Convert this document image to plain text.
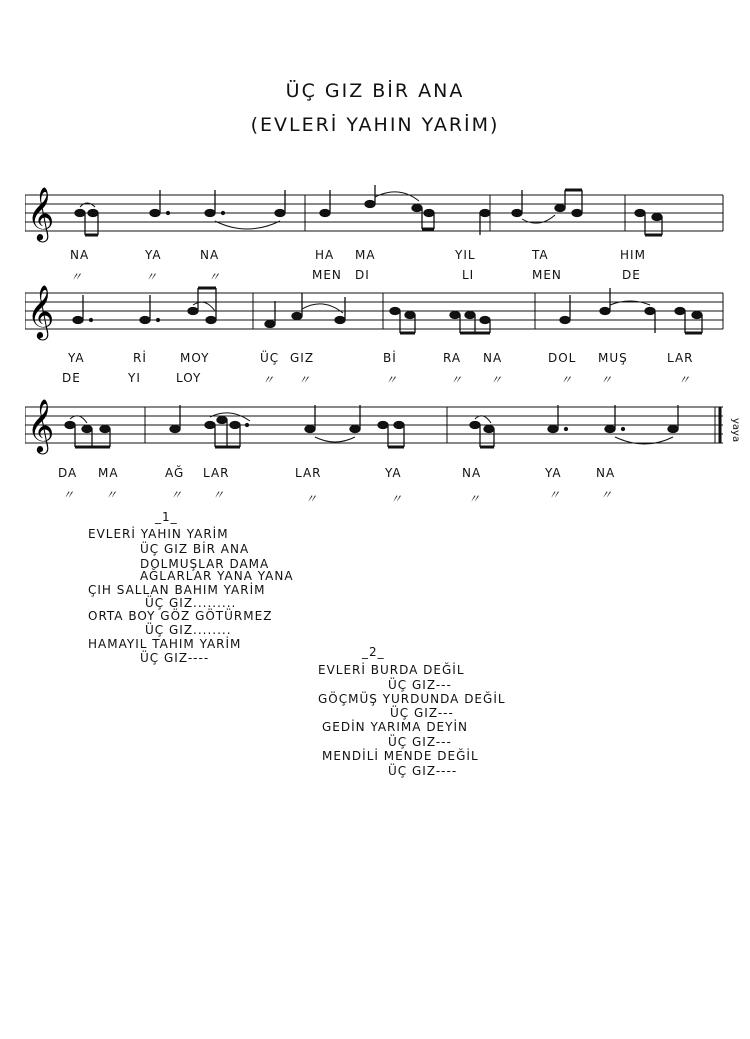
ÜÇ GIZ BİR ANA
(EVLERİ YAHIN YARİM)
𝄞
𝄞
𝄞	yaya
NA	YA	NA	HA MA	YIL	TA	HIM
〃	〃	〃	MEN DI	LI	MEN	DE
YA	Rİ	MOY	ÜÇ GIZ	Bİ	RA NA	DOL MUŞ	LAR
DE	YI	LOY	〃 〃	〃	〃 〃	〃 〃	〃
DA MA	AĞ LAR	LAR	YA	NA	YA	NA
〃	〃	〃 〃	〃	〃	〃	〃	〃
_1_
EVLERİ YAHIN YARİM
ÜÇ GIZ BİR ANA
DOLMUŞLAR DAMA
AĞLARLAR YANA YANA
ÇIH SALLAN BAHIM YARİM
ÜÇ GIZ.........
ORTA BOY GÖZ GÖTÜRMEZ
ÜÇ GIZ........
HAMAYIL TAHIM YARİM
ÜÇ GIZ----	_2_
EVLERİ BURDA DEĞİL
ÜÇ GIZ---
GÖÇMÜŞ YURDUNDA DEĞİL
ÜÇ GIZ---
GEDİN YARIMA DEYİN
ÜÇ GIZ---
MENDİLİ MENDE DEĞİL
ÜÇ GIZ----
